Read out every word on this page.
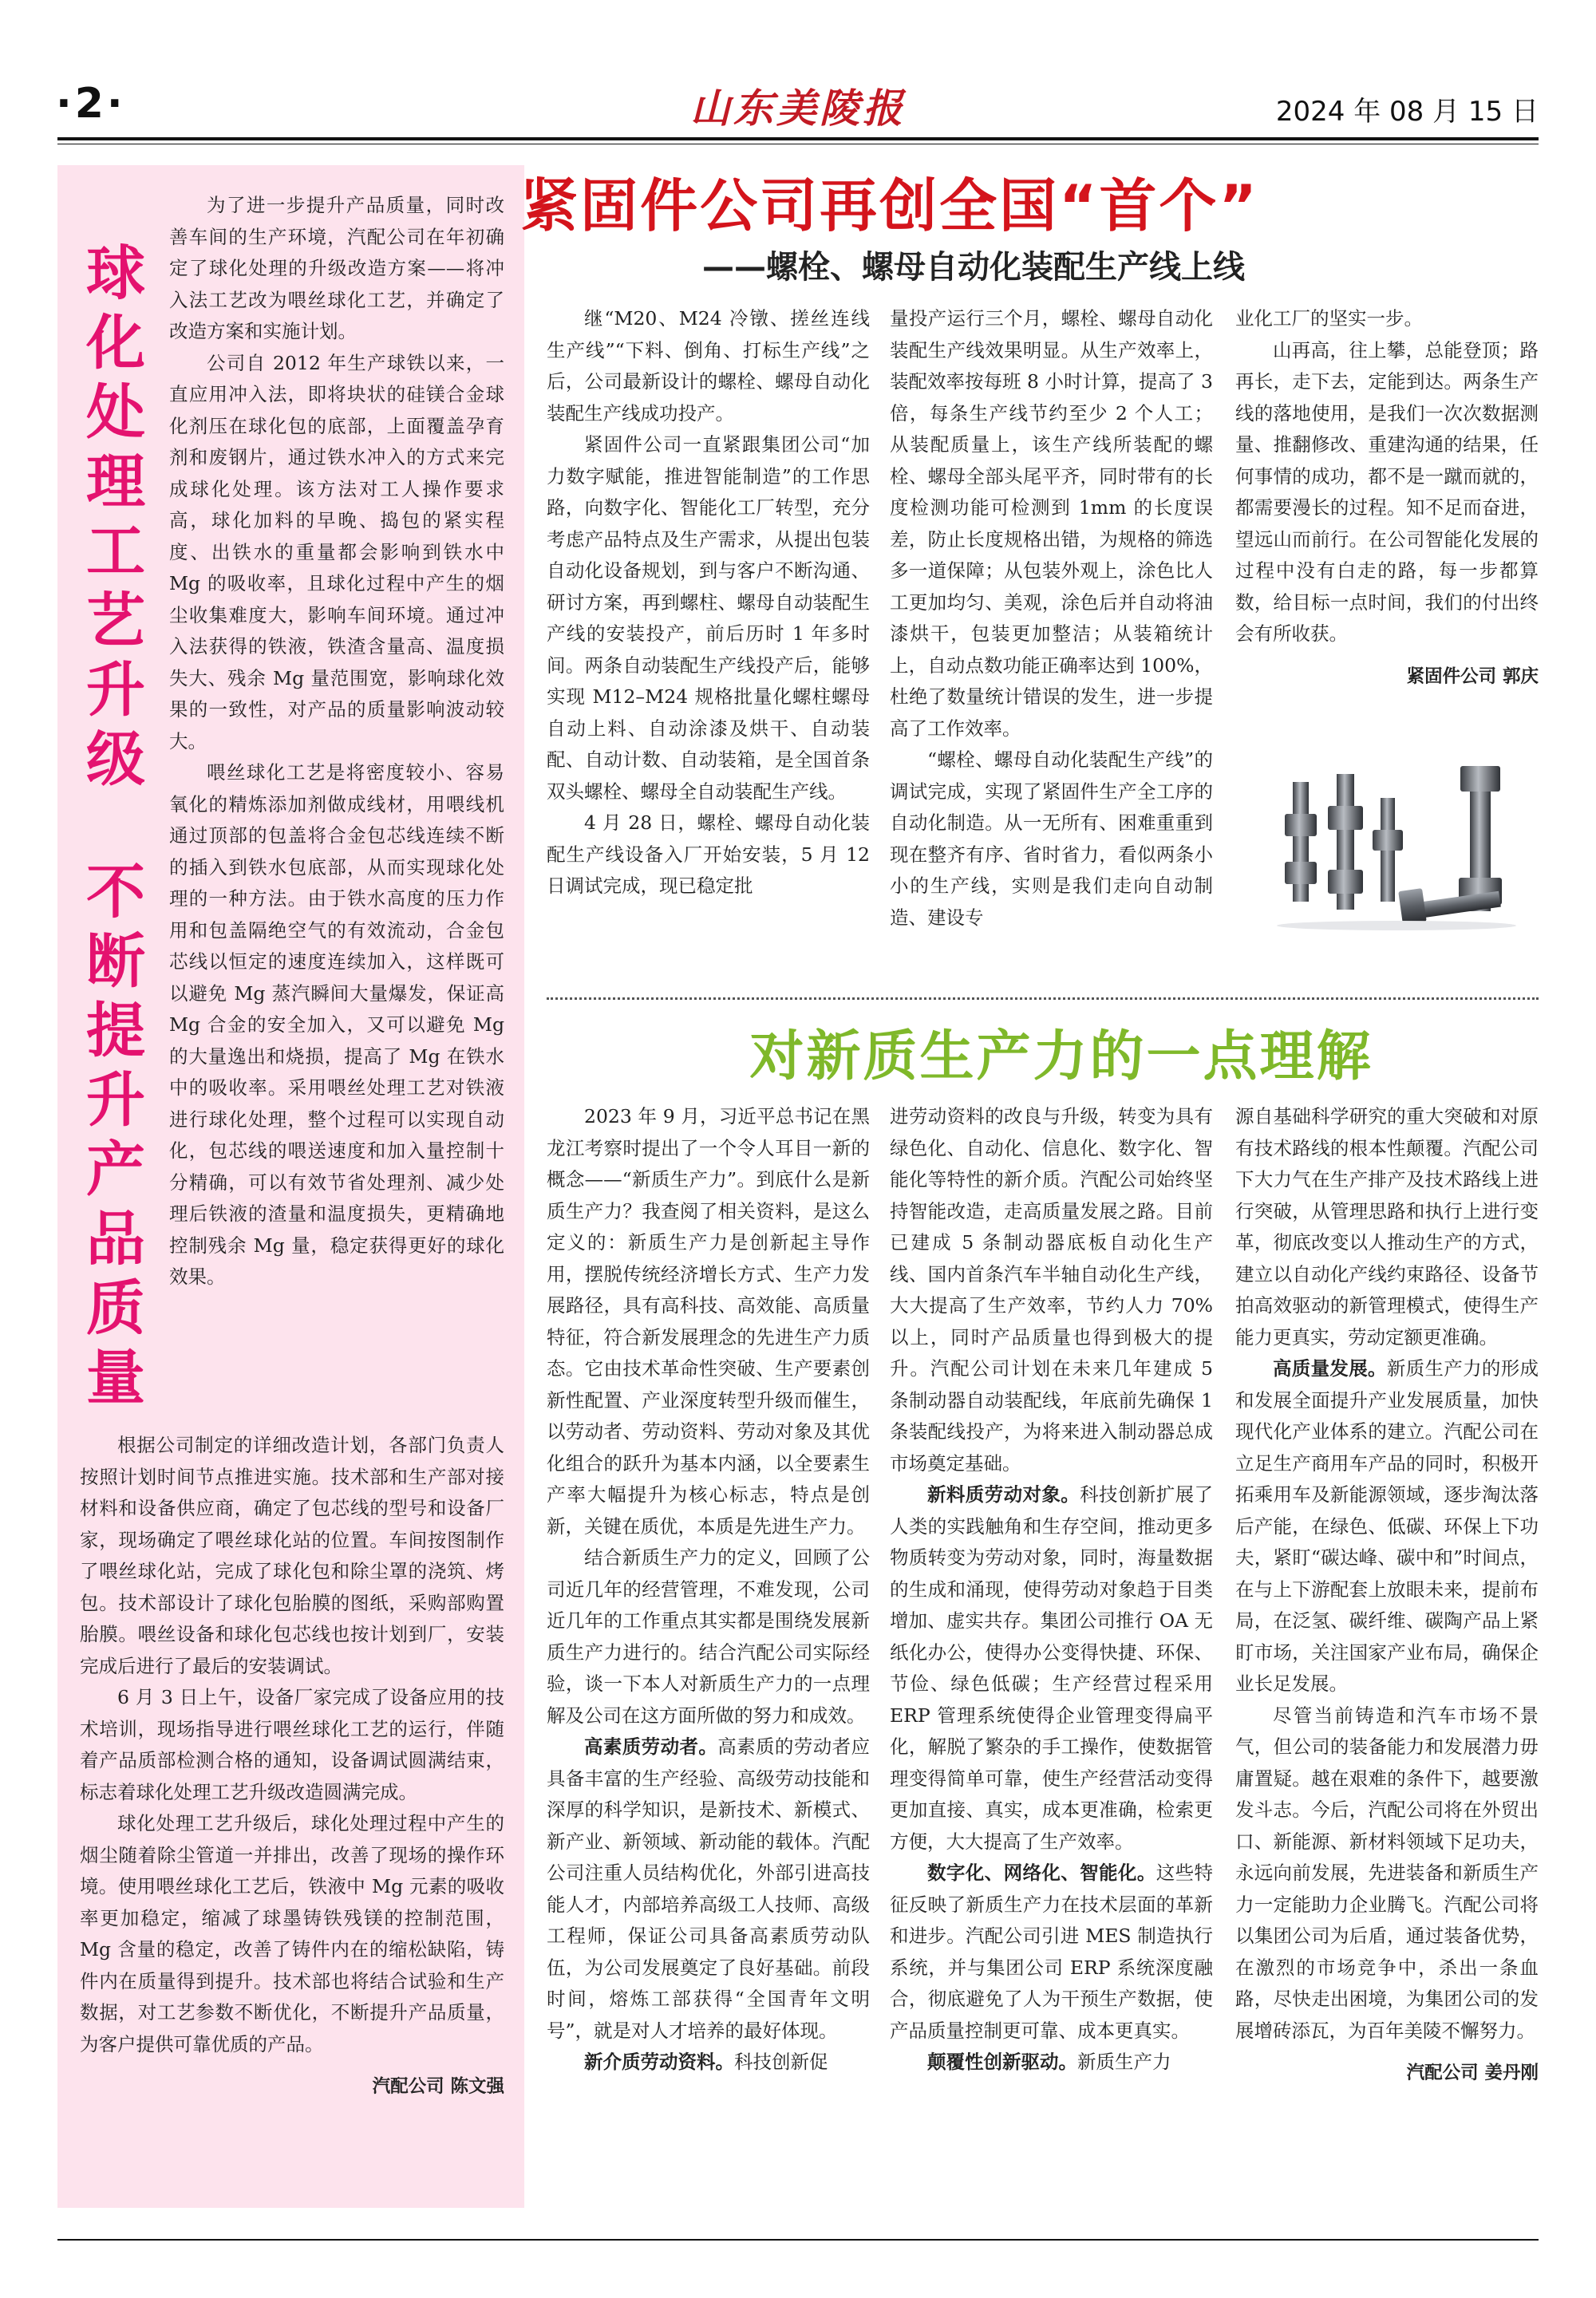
·2·	山东美陵报	2024 年 08 月 15 日
球化处理工艺升级
不断提升产品质量

为了进一步提升产品质量，同时改善车间的生产环境，汽配公司在年初确定了球化处理的升级改造方案——将冲入法工艺改为喂丝球化工艺，并确定了改造方案和实施计划。

公司自 2012 年生产球铁以来，一直应用冲入法，即将块状的硅镁合金球化剂压在球化包的底部，上面覆盖孕育剂和废钢片，通过铁水冲入的方式来完成球化处理。该方法对工人操作要求高，球化加料的早晚、捣包的紧实程度、出铁水的重量都会影响到铁水中 Mg 的吸收率，且球化过程中产生的烟尘收集难度大，影响车间环境。通过冲入法获得的铁液，铁渣含量高、温度损失大、残余 Mg 量范围宽，影响球化效果的一致性，对产品的质量影响波动较大。

喂丝球化工艺是将密度较小、容易氧化的精炼添加剂做成线材，用喂线机通过顶部的包盖将合金包芯线连续不断的插入到铁水包底部，从而实现球化处理的一种方法。由于铁水高度的压力作用和包盖隔绝空气的有效流动，合金包芯线以恒定的速度连续加入，这样既可以避免 Mg 蒸汽瞬间大量爆发，保证高 Mg 合金的安全加入，又可以避免 Mg 的大量逸出和烧损，提高了 Mg 在铁水中的吸收率。采用喂丝处理工艺对铁液进行球化处理，整个过程可以实现自动化，包芯线的喂送速度和加入量控制十分精确，可以有效节省处理剂、减少处理后铁液的渣量和温度损失，更精确地控制残余 Mg 量，稳定获得更好的球化效果。

根据公司制定的详细改造计划，各部门负责人按照计划时间节点推进实施。技术部和生产部对接材料和设备供应商，确定了包芯线的型号和设备厂家，现场确定了喂丝球化站的位置。车间按图制作了喂丝球化站，完成了球化包和除尘罩的浇筑、烤包。技术部设计了球化包胎膜的图纸，采购部购置胎膜。喂丝设备和球化包芯线也按计划到厂，安装完成后进行了最后的安装调试。

6 月 3 日上午，设备厂家完成了设备应用的技术培训，现场指导进行喂丝球化工艺的运行，伴随着产品质部检测合格的通知，设备调试圆满结束，标志着球化处理工艺升级改造圆满完成。

球化处理工艺升级后，球化处理过程中产生的烟尘随着除尘管道一并排出，改善了现场的操作环境。使用喂丝球化工艺后，铁液中 Mg 元素的吸收率更加稳定，缩减了球墨铸铁残镁的控制范围，Mg 含量的稳定，改善了铸件内在的缩松缺陷，铸件内在质量得到提升。技术部也将结合试验和生产数据，对工艺参数不断优化，不断提升产品质量，为客户提供可靠优质的产品。

汽配公司 陈文强
紧固件公司再创全国“首个”
——螺栓、螺母自动化装配生产线上线

继“M20、M24 冷镦、搓丝连线生产线”“下料、倒角、打标生产线”之后，公司最新设计的螺栓、螺母自动化装配生产线成功投产。

紧固件公司一直紧跟集团公司“加力数字赋能，推进智能制造”的工作思路，向数字化、智能化工厂转型，充分考虑产品特点及生产需求，从提出包装自动化设备规划，到与客户不断沟通、研讨方案，再到螺柱、螺母自动装配生产线的安装投产，前后历时 1 年多时间。两条自动装配生产线投产后，能够实现 M12–M24 规格批量化螺柱螺母自动上料、自动涂漆及烘干、自动装配、自动计数、自动装箱，是全国首条双头螺栓、螺母全自动装配生产线。

4 月 28 日，螺栓、螺母自动化装配生产线设备入厂开始安装，5 月 12 日调试完成，现已稳定批

量投产运行三个月，螺栓、螺母自动化装配生产线效果明显。从生产效率上，装配效率按每班 8 小时计算，提高了 3 倍，每条生产线节约至少 2 个人工；从装配质量上，该生产线所装配的螺栓、螺母全部头尾平齐，同时带有的长度检测功能可检测到 1mm 的长度误差，防止长度规格出错，为规格的筛选多一道保障；从包装外观上，涂色比人工更加均匀、美观，涂色后并自动将油漆烘干，包装更加整洁；从装箱统计上，自动点数功能正确率达到 100%，杜绝了数量统计错误的发生，进一步提高了工作效率。

“螺栓、螺母自动化装配生产线”的调试完成，实现了紧固件生产全工序的自动化制造。从一无所有、困难重重到现在整齐有序、省时省力，看似两条小小的生产线，实则是我们走向自动制造、建设专

业化工厂的坚实一步。

山再高，往上攀，总能登顶；路再长，走下去，定能到达。两条生产线的落地使用，是我们一次次数据测量、推翻修改、重建沟通的结果，任何事情的成功，都不是一蹴而就的，都需要漫长的过程。知不足而奋进，望远山而前行。在公司智能化发展的过程中没有白走的路，每一步都算数，给目标一点时间，我们的付出终会有所收获。

紧固件公司 郭庆
对新质生产力的一点理解

2023 年 9 月，习近平总书记在黑龙江考察时提出了一个令人耳目一新的概念——“新质生产力”。到底什么是新质生产力？我查阅了相关资料，是这么定义的：新质生产力是创新起主导作用，摆脱传统经济增长方式、生产力发展路径，具有高科技、高效能、高质量特征，符合新发展理念的先进生产力质态。它由技术革命性突破、生产要素创新性配置、产业深度转型升级而催生，以劳动者、劳动资料、劳动对象及其优化组合的跃升为基本内涵，以全要素生产率大幅提升为核心标志，特点是创新，关键在质优，本质是先进生产力。

结合新质生产力的定义，回顾了公司近几年的经营管理，不难发现，公司近几年的工作重点其实都是围绕发展新质生产力进行的。结合汽配公司实际经验，谈一下本人对新质生产力的一点理解及公司在这方面所做的努力和成效。

高素质劳动者。高素质的劳动者应具备丰富的生产经验、高级劳动技能和深厚的科学知识，是新技术、新模式、新产业、新领域、新动能的载体。汽配公司注重人员结构优化，外部引进高技能人才，内部培养高级工人技师、高级工程师，保证公司具备高素质劳动队伍，为公司发展奠定了良好基础。前段时间，熔炼工部获得“全国青年文明号”，就是对人才培养的最好体现。

新介质劳动资料。科技创新促

进劳动资料的改良与升级，转变为具有绿色化、自动化、信息化、数字化、智能化等特性的新介质。汽配公司始终坚持智能改造，走高质量发展之路。目前已建成 5 条制动器底板自动化生产线、国内首条汽车半轴自动化生产线，大大提高了生产效率，节约人力 70% 以上，同时产品质量也得到极大的提升。汽配公司计划在未来几年建成 5 条制动器自动装配线，年底前先确保 1 条装配线投产，为将来进入制动器总成市场奠定基础。

新料质劳动对象。科技创新扩展了人类的实践触角和生存空间，推动更多物质转变为劳动对象，同时，海量数据的生成和涌现，使得劳动对象趋于目类增加、虚实共存。集团公司推行 OA 无纸化办公，使得办公变得快捷、环保、节俭、绿色低碳；生产经营过程采用 ERP 管理系统使得企业管理变得扁平化，解脱了繁杂的手工操作，使数据管理变得简单可靠，使生产经营活动变得更加直接、真实，成本更准确，检索更方便，大大提高了生产效率。

数字化、网络化、智能化。这些特征反映了新质生产力在技术层面的革新和进步。汽配公司引进 MES 制造执行系统，并与集团公司 ERP 系统深度融合，彻底避免了人为干预生产数据，使产品质量控制更可靠、成本更真实。

颠覆性创新驱动。新质生产力

源自基础科学研究的重大突破和对原有技术路线的根本性颠覆。汽配公司下大力气在生产排产及技术路线上进行突破，从管理思路和执行上进行变革，彻底改变以人推动生产的方式，建立以自动化产线约束路径、设备节拍高效驱动的新管理模式，使得生产能力更真实，劳动定额更准确。

高质量发展。新质生产力的形成和发展全面提升产业发展质量，加快现代化产业体系的建立。汽配公司在立足生产商用车产品的同时，积极开拓乘用车及新能源领域，逐步淘汰落后产能，在绿色、低碳、环保上下功夫，紧盯“碳达峰、碳中和”时间点，在与上下游配套上放眼未来，提前布局，在泛氢、碳纤维、碳陶产品上紧盯市场，关注国家产业布局，确保企业长足发展。

尽管当前铸造和汽车市场不景气，但公司的装备能力和发展潜力毋庸置疑。越在艰难的条件下，越要激发斗志。今后，汽配公司将在外贸出口、新能源、新材料领域下足功夫，永远向前发展，先进装备和新质生产力一定能助力企业腾飞。汽配公司将以集团公司为后盾，通过装备优势，在激烈的市场竞争中，杀出一条血路，尽快走出困境，为集团公司的发展增砖添瓦，为百年美陵不懈努力。

汽配公司 姜丹刚
